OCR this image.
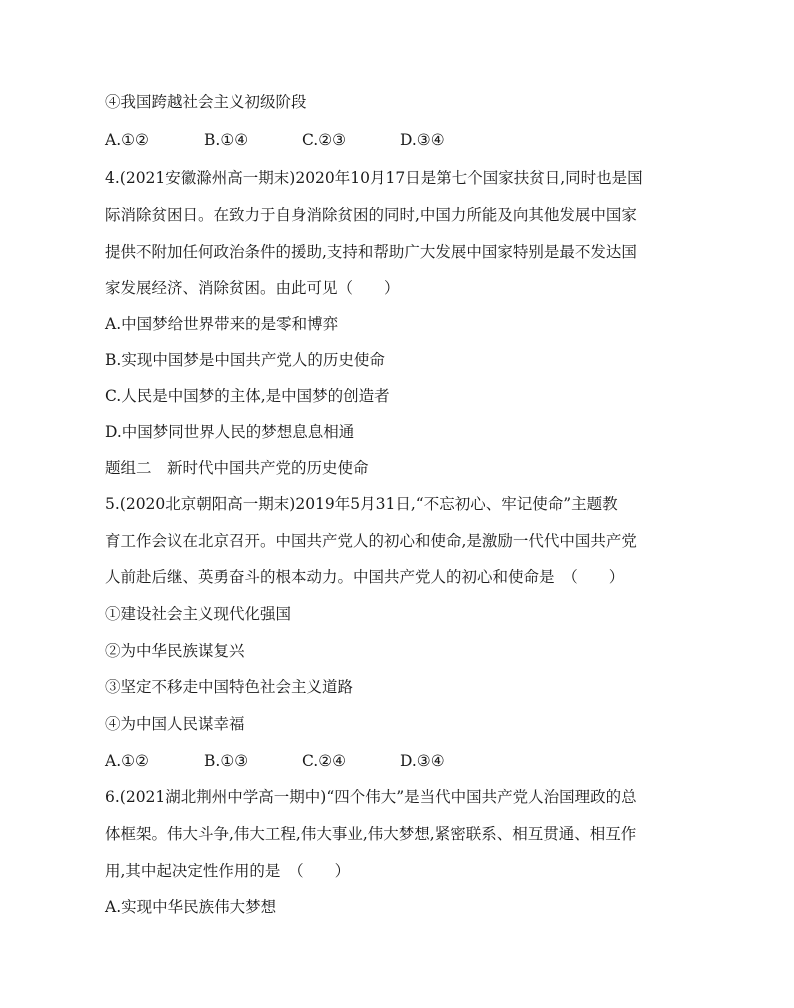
④我国跨越社会主义初级阶段
A.①②	B.①④	C.②③	D.③④
4.(2021安徽滁州高一期末)2020年10月17日是第七个国家扶贫日,同时也是国
际消除贫困日。在致力于自身消除贫困的同时,中国力所能及向其他发展中国家
提供不附加任何政治条件的援助,支持和帮助广大发展中国家特别是最不发达国
家发展经济、消除贫困。由此可见（　　）
A.中国梦给世界带来的是零和博弈
B.实现中国梦是中国共产党人的历史使命
C.人民是中国梦的主体,是中国梦的创造者
D.中国梦同世界人民的梦想息息相通
题组二　新时代中国共产党的历史使命
5.(2020北京朝阳高一期末)2019年5月31日,“不忘初心、牢记使命”主题教
育工作会议在北京召开。中国共产党人的初心和使命,是激励一代代中国共产党
人前赴后继、英勇奋斗的根本动力。中国共产党人的初心和使命是　（　　）
①建设社会主义现代化强国
②为中华民族谋复兴
③坚定不移走中国特色社会主义道路
④为中国人民谋幸福
A.①②	B.①③	C.②④	D.③④
6.(2021湖北荆州中学高一期中)“四个伟大”是当代中国共产党人治国理政的总
体框架。伟大斗争,伟大工程,伟大事业,伟大梦想,紧密联系、相互贯通、相互作
用,其中起决定性作用的是　（　　）
A.实现中华民族伟大梦想
